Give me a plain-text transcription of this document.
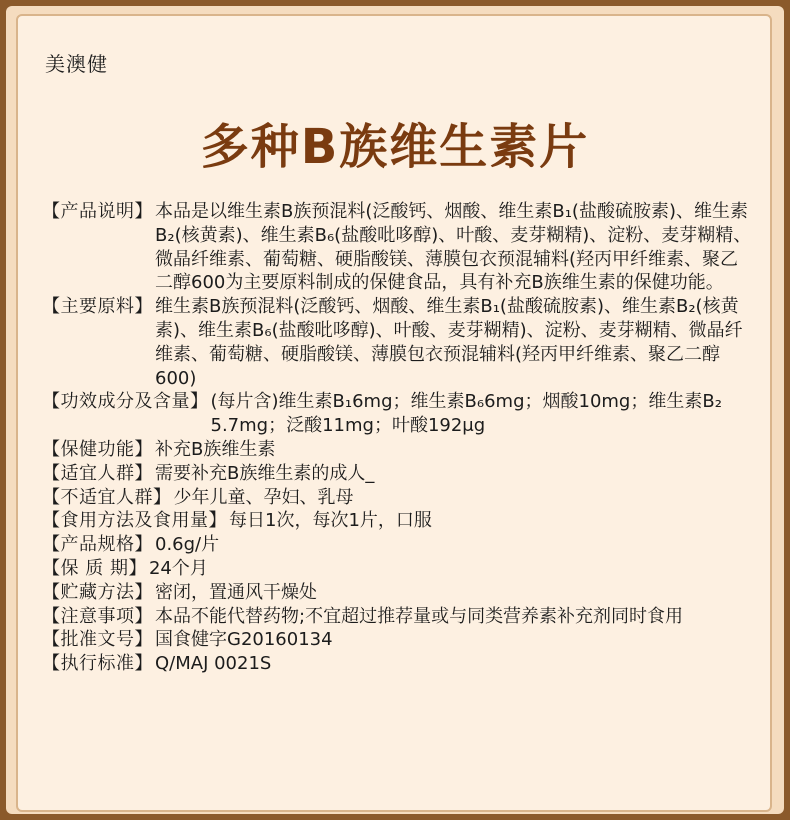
美澳健
多种B族维生素片
【产品说明】 本品是以维生素B族预混料(泛酸钙、烟酸、维生素B₁(盐酸硫胺素)、维生素B₂(核黄素)、维生素B₆(盐酸吡哆醇)、叶酸、麦芽糊精)、淀粉、麦芽糊精、微晶纤维素、葡萄糖、硬脂酸镁、薄膜包衣预混辅料(羟丙甲纤维素、聚乙二醇600为主要原料制成的保健食品，具有补充B族维生素的保健功能。
【主要原料】 维生素B族预混料(泛酸钙、烟酸、维生素B₁(盐酸硫胺素)、维生素B₂(核黄素)、维生素B₆(盐酸吡哆醇)、叶酸、麦芽糊精)、淀粉、麦芽糊精、微晶纤维素、葡萄糖、硬脂酸镁、薄膜包衣预混辅料(羟丙甲纤维素、聚乙二醇600)
【功效成分及含量】 (每片含)维生素B₁6mg；维生素B₆6mg；烟酸10mg；维生素B₂ 5.7mg；泛酸11mg；叶酸192μg
【保健功能】 补充B族维生素
【适宜人群】 需要补充B族维生素的成人_
【不适宜人群】 少年儿童、孕妇、乳母
【食用方法及食用量】 每日1次，每次1片，口服
【产品规格】 0.6g/片
【保 质 期】 24个月
【贮藏方法】 密闭，置通风干燥处
【注意事项】 本品不能代替药物;不宜超过推荐量或与同类营养素补充剂同时食用
【批准文号】 国食健字G20160134
【执行标准】 Q/MAJ 0021S
